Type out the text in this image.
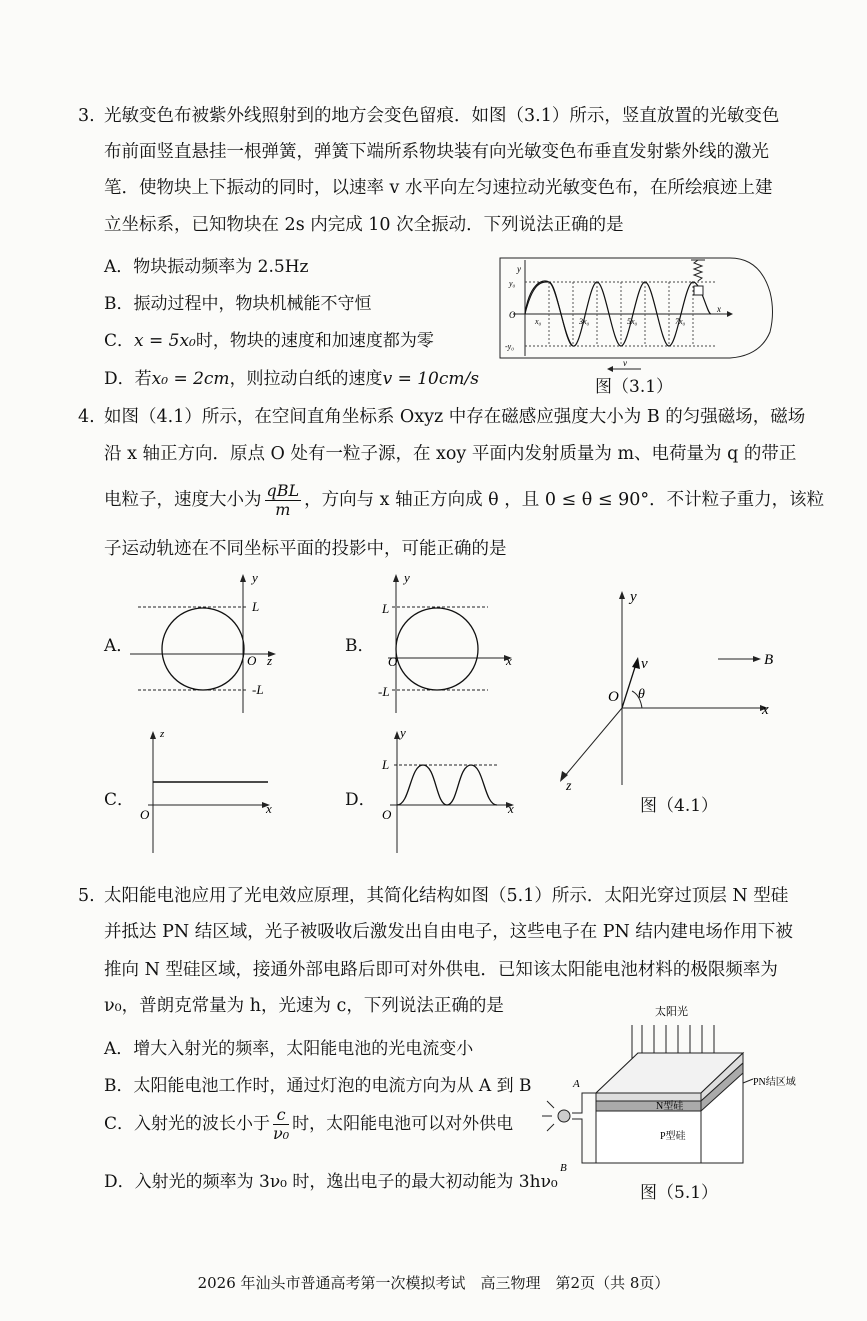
3. 光敏变色布被紫外线照射到的地方会变色留痕．如图（3.1）所示，竖直放置的光敏变色
布前面竖直悬挂一根弹簧，弹簧下端所系物块装有向光敏变色布垂直发射紫外线的激光
笔．使物块上下振动的同时，以速率 v 水平向左匀速拉动光敏变色布，在所绘痕迹上建
立坐标系，已知物块在 2s 内完成 10 次全振动．下列说法正确的是
A．物块振动频率为 2.5Hz
B．振动过程中，物块机械能不守恒
C．x = 5x₀时，物块的速度和加速度都为零
D．若x₀ = 2cm，则拉动白纸的速度v = 10cm/s
y
y₀
O
-y₀
x
x₀	3x₀	5x₀	7x₀
v
图（3.1）
4. 如图（4.1）所示，在空间直角坐标系 Oxyz 中存在磁感应强度大小为 B 的匀强磁场，磁场
沿 x 轴正方向．原点 O 处有一粒子源，在 xoy 平面内发射质量为 m、电荷量为 q 的带正
电粒子，速度大小为 $\frac{\text{qBL}}{m}$ ，方向与 x 轴正方向成 θ ，且 0 ≤ θ ≤ 90°．不计粒子重力，该粒
子运动轨迹在不同坐标平面的投影中，可能正确的是
A．	B．
C．	D．
y
z
O
L
-L
y
x
O
L
-L
z
x
O
y
x
O
L
y
x
z
O
v
θ
B
图（4.1）
5. 太阳能电池应用了光电效应原理，其简化结构如图（5.1）所示．太阳光穿过顶层 N 型硅
并抵达 PN 结区域，光子被吸收后激发出自由电子，这些电子在 PN 结内建电场作用下被
推向 N 型硅区域，接通外部电路后即可对外供电．已知该太阳能电池材料的极限频率为
ν₀，普朗克常量为 h，光速为 c，下列说法正确的是
A．增大入射光的频率，太阳能电池的光电流变小
B．太阳能电池工作时，通过灯泡的电流方向为从 A 到 B
C．入射光的波长小于 $\frac{c}{\text{ν₀}}$ 时，太阳能电池可以对外供电
D．入射光的频率为 3ν₀ 时，逸出电子的最大初动能为 3hν₀
太阳光
PN结区域
N型硅
P型硅
A
B
图（5.1）
2026 年汕头市普通高考第一次模拟考试　高三物理　第2页（共 8页）
